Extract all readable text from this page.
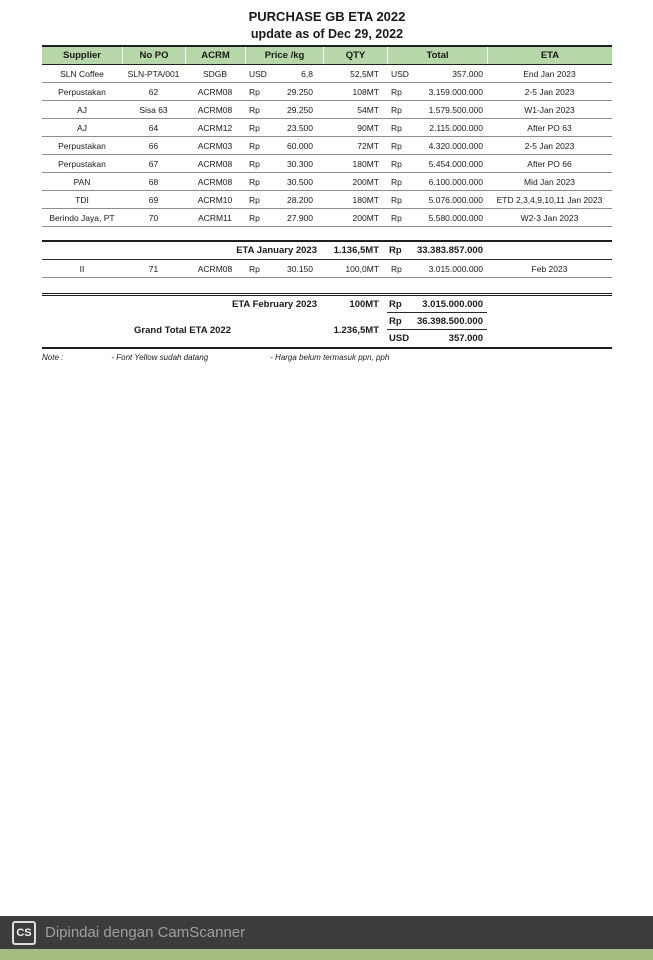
PURCHASE GB ETA 2022
update as of Dec 29, 2022
Supplier	No PO	ACRM	Price /kg	QTY	Total	ETA
SLN Coffee	SLN-PTA/001	SDGB	USD	6,8	52,5MT	USD	357.000	End Jan 2023
Perpustakan	62	ACRM08	Rp	29.250	108MT	Rp	3.159.000.000	2-5 Jan 2023
AJ	Sisa 63	ACRM08	Rp	29.250	54MT	Rp	1.579.500.000	W1-Jan 2023
AJ	64	ACRM12	Rp	23.500	90MT	Rp	2.115.000.000	After PO 63
Perpustakan	66	ACRM03	Rp	60.000	72MT	Rp	4.320.000.000	2-5 Jan 2023
Perpustakan	67	ACRM08	Rp	30.300	180MT	Rp	5.454.000.000	After PO 66
PAN	68	ACRM08	Rp	30.500	200MT	Rp	6.100.000.000	Mid Jan 2023
TDI	69	ACRM10	Rp	28.200	180MT	Rp	5.076.000.000	ETD 2,3,4,9,10,11 Jan 2023
Berindo Jaya, PT	70	ACRM11	Rp	27.900	200MT	Rp	5.580.000.000	W2-3 Jan 2023
ETA January 2023	1.136,5MT	Rp	33.383.857.000
II	71	ACRM08	Rp	30.150	100,0MT	Rp	3.015.000.000	Feb 2023
ETA February 2023	100MT	Rp	3.015.000.000
Grand Total ETA 2022	1.236,5MT
Rp	36.398.500.000
USD	357.000
Note :	- Font Yellow sudah datang	- Harga belum termasuk ppn, pph
CS Dipindai dengan CamScanner
